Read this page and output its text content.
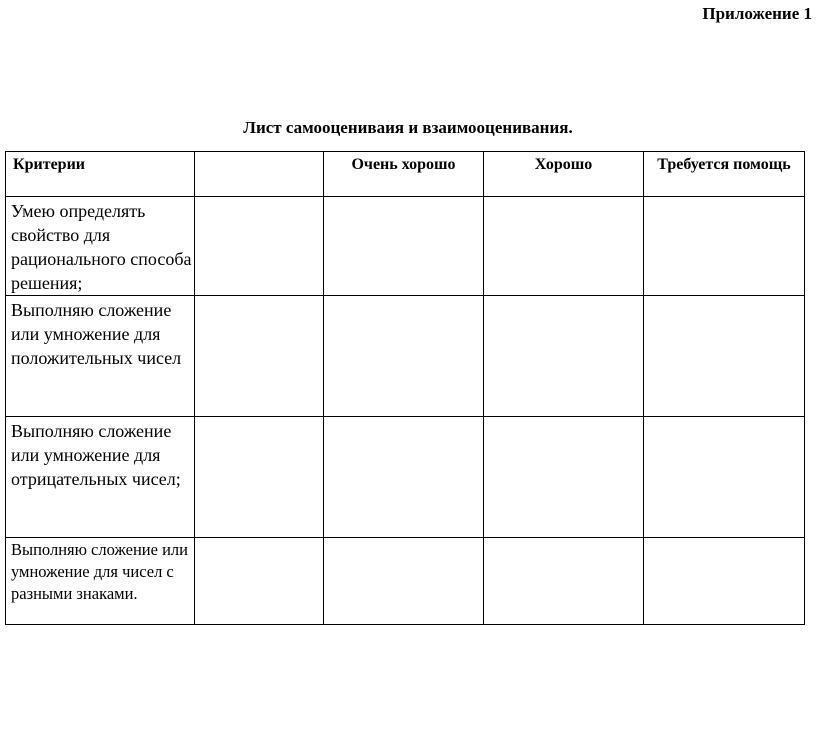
Приложение 1
Лист самооцениваия и взаимооценивания.
Критерии		Очень хорошо	Хорошо	Требуется помощь
Умею определять свойство для рационального способа решения;				
Выполняю сложение или умножение для положительных чисел				
Выполняю сложение или умножение для отрицательных чисел;				
Выполняю сложение или умножение для чисел с разными знаками.				
